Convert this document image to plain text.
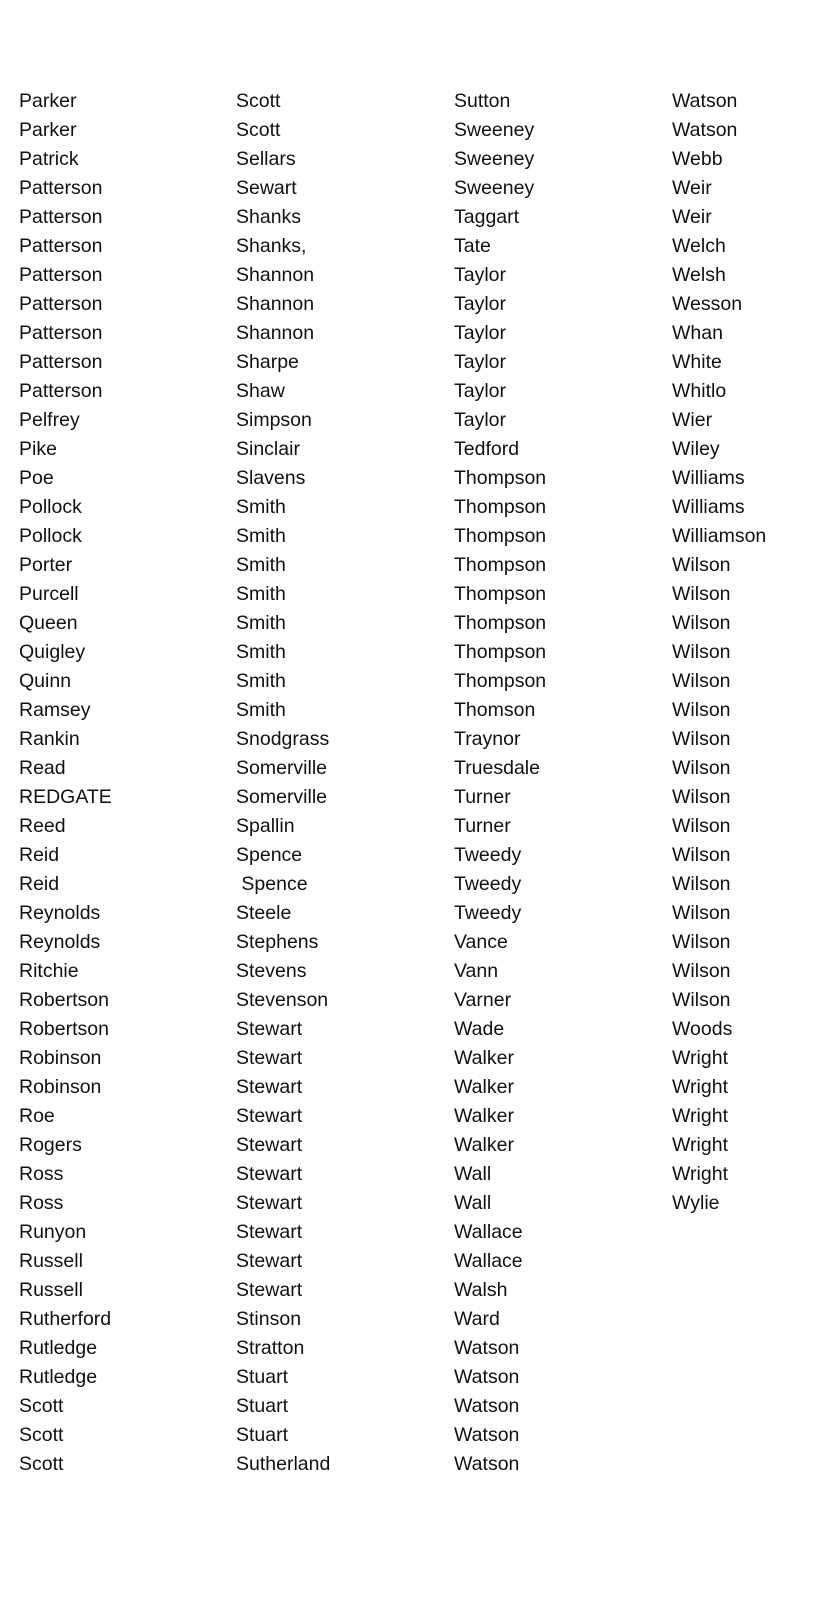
Parker
Parker
Patrick
Patterson
Patterson
Patterson
Patterson
Patterson
Patterson
Patterson
Patterson
Pelfrey
Pike
Poe
Pollock
Pollock
Porter
Purcell
Queen
Quigley
Quinn
Ramsey
Rankin
Read
REDGATE
Reed
Reid
Reid
Reynolds
Reynolds
Ritchie
Robertson
Robertson
Robinson
Robinson
Roe
Rogers
Ross
Ross
Runyon
Russell
Russell
Rutherford
Rutledge
Rutledge
Scott
Scott
Scott
Scott
Scott
Sellars
Sewart
Shanks
Shanks,
Shannon
Shannon
Shannon
Sharpe
Shaw
Simpson
Sinclair
Slavens
Smith
Smith
Smith
Smith
Smith
Smith
Smith
Smith
Snodgrass
Somerville
Somerville
Spallin
Spence
Spence
Steele
Stephens
Stevens
Stevenson
Stewart
Stewart
Stewart
Stewart
Stewart
Stewart
Stewart
Stewart
Stewart
Stewart
Stinson
Stratton
Stuart
Stuart
Stuart
Sutherland
Sutton
Sweeney
Sweeney
Sweeney
Taggart
Tate
Taylor
Taylor
Taylor
Taylor
Taylor
Taylor
Tedford
Thompson
Thompson
Thompson
Thompson
Thompson
Thompson
Thompson
Thompson
Thomson
Traynor
Truesdale
Turner
Turner
Tweedy
Tweedy
Tweedy
Vance
Vann
Varner
Wade
Walker
Walker
Walker
Walker
Wall
Wall
Wallace
Wallace
Walsh
Ward
Watson
Watson
Watson
Watson
Watson
Watson
Watson
Webb
Weir
Weir
Welch
Welsh
Wesson
Whan
White
Whitlo
Wier
Wiley
Williams
Williams
Williamson
Wilson
Wilson
Wilson
Wilson
Wilson
Wilson
Wilson
Wilson
Wilson
Wilson
Wilson
Wilson
Wilson
Wilson
Wilson
Wilson
Woods
Wright
Wright
Wright
Wright
Wright
Wylie
